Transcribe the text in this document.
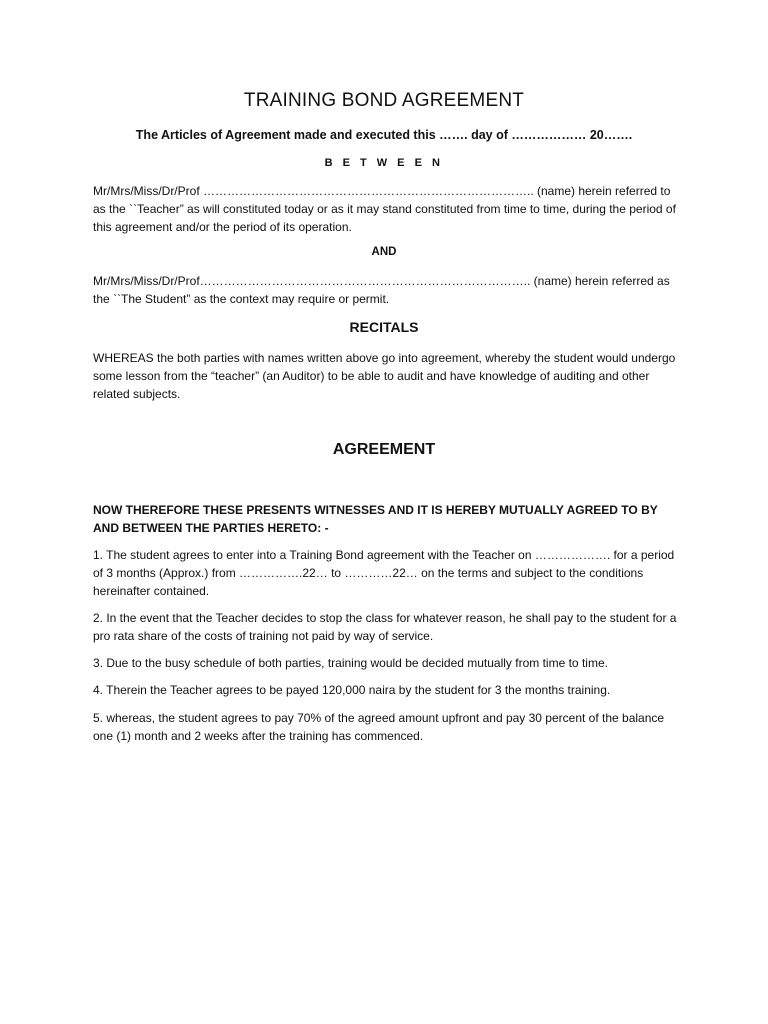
TRAINING BOND AGREEMENT
The Articles of Agreement made and executed this ……. day of ……………… 20…….
B E T W E E N
Mr/Mrs/Miss/Dr/Prof ……………………………………………………………………….. (name) herein referred to as the ``Teacher” as will constituted today or as it may stand constituted from time to time, during the period of this agreement and/or the period of its operation.
AND
Mr/Mrs/Miss/Dr/Prof……………………………………………………………………….. (name) herein referred as the ``The Student” as the context may require or permit.
RECITALS
WHEREAS the both parties with names written above go into agreement, whereby the student would undergo some lesson from the “teacher” (an Auditor) to be able to audit and have knowledge of auditing and other related subjects.
AGREEMENT
NOW THEREFORE THESE PRESENTS WITNESSES AND IT IS HEREBY MUTUALLY AGREED TO BY AND BETWEEN THE PARTIES HERETO: -
1. The student agrees to enter into a Training Bond agreement with the Teacher on ………………. for a period of 3 months (Approx.) from …………….22… to …………22… on the terms and subject to the conditions hereinafter contained.
2. In the event that the Teacher decides to stop the class for whatever reason, he shall pay to the student for a pro rata share of the costs of training not paid by way of service.
3. Due to the busy schedule of both parties, training would be decided mutually from time to time.
4. Therein the Teacher agrees to be payed 120,000 naira by the student for 3 the months training.
5. whereas, the student agrees to pay 70% of the agreed amount upfront and pay 30 percent of the balance one (1) month and 2 weeks after the training has commenced.
